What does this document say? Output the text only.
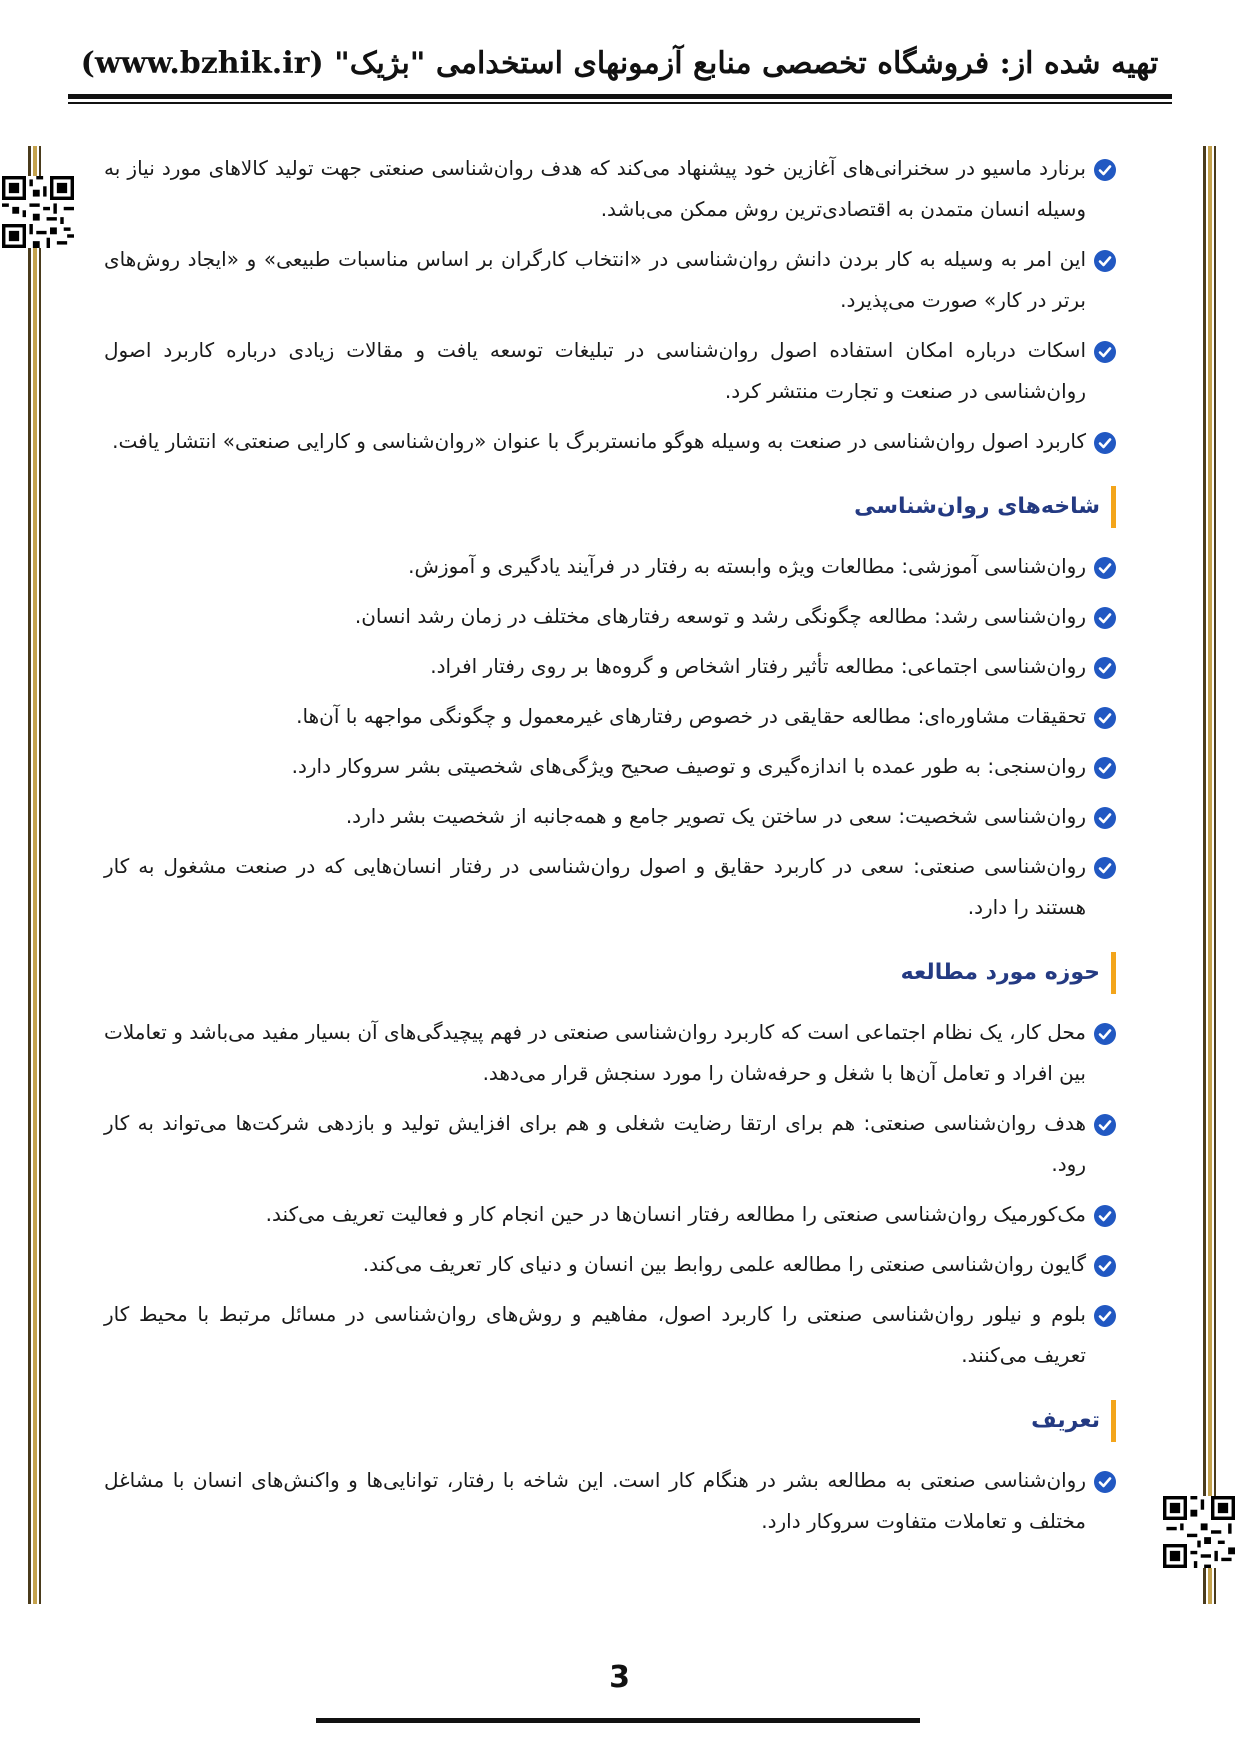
تهیه شده از: فروشگاه تخصصی منابع آزمونهای استخدامی "بژیک" (www.bzhik.ir)
برنارد ماسیو در سخنرانی‌های آغازین خود پیشنهاد می‌کند که هدف روان‌شناسی صنعتی جهت تولید کالاهای مورد نیاز به وسیله انسان متمدن به اقتصادی‌ترین روش ممکن می‌باشد.
این امر به وسیله به کار بردن دانش روان‌شناسی در «انتخاب کارگران بر اساس مناسبات طبیعی» و «ایجاد روش‌های برتر در کار» صورت می‌پذیرد.
اسکات درباره امکان استفاده اصول روان‌شناسی در تبلیغات توسعه یافت و مقالات زیادی درباره کاربرد اصول روان‌شناسی در صنعت و تجارت منتشر کرد.
کاربرد اصول روان‌شناسی در صنعت به وسیله هوگو مانستربرگ با عنوان «روان‌شناسی و کارایی صنعتی» انتشار یافت.
شاخه‌های روان‌شناسی
روان‌شناسی آموزشی: مطالعات ویژه وابسته به رفتار در فرآیند یادگیری و آموزش.
روان‌شناسی رشد: مطالعه چگونگی رشد و توسعه رفتارهای مختلف در زمان رشد انسان.
روان‌شناسی اجتماعی: مطالعه تأثیر رفتار اشخاص و گروه‌ها بر روی رفتار افراد.
تحقیقات مشاوره‌ای: مطالعه حقایقی در خصوص رفتارهای غیرمعمول و چگونگی مواجهه با آن‌ها.
روان‌سنجی: به طور عمده با اندازه‌گیری و توصیف صحیح ویژگی‌های شخصیتی بشر سروکار دارد.
روان‌شناسی شخصیت: سعی در ساختن یک تصویر جامع و همه‌جانبه از شخصیت بشر دارد.
روان‌شناسی صنعتی: سعی در کاربرد حقایق و اصول روان‌شناسی در رفتار انسان‌هایی که در صنعت مشغول به کار هستند را دارد.
حوزه مورد مطالعه
محل کار، یک نظام اجتماعی است که کاربرد روان‌شناسی صنعتی در فهم پیچیدگی‌های آن بسیار مفید می‌باشد و تعاملات بین افراد و تعامل آن‌ها با شغل و حرفه‌شان را مورد سنجش قرار می‌دهد.
هدف روان‌شناسی صنعتی: هم برای ارتقا رضایت شغلی و هم برای افزایش تولید و بازدهی شرکت‌ها می‌تواند به کار رود.
مک‌کورمیک روان‌شناسی صنعتی را مطالعه رفتار انسان‌ها در حین انجام کار و فعالیت تعریف می‌کند.
گایون روان‌شناسی صنعتی را مطالعه علمی روابط بین انسان و دنیای کار تعریف می‌کند.
بلوم و نیلور روان‌شناسی صنعتی را کاربرد اصول، مفاهیم و روش‌های روان‌شناسی در مسائل مرتبط با محیط کار تعریف می‌کنند.
تعریف
روان‌شناسی صنعتی به مطالعه بشر در هنگام کار است. این شاخه با رفتار، توانایی‌ها و واکنش‌های انسان با مشاغل مختلف و تعاملات متفاوت سروکار دارد.
3
